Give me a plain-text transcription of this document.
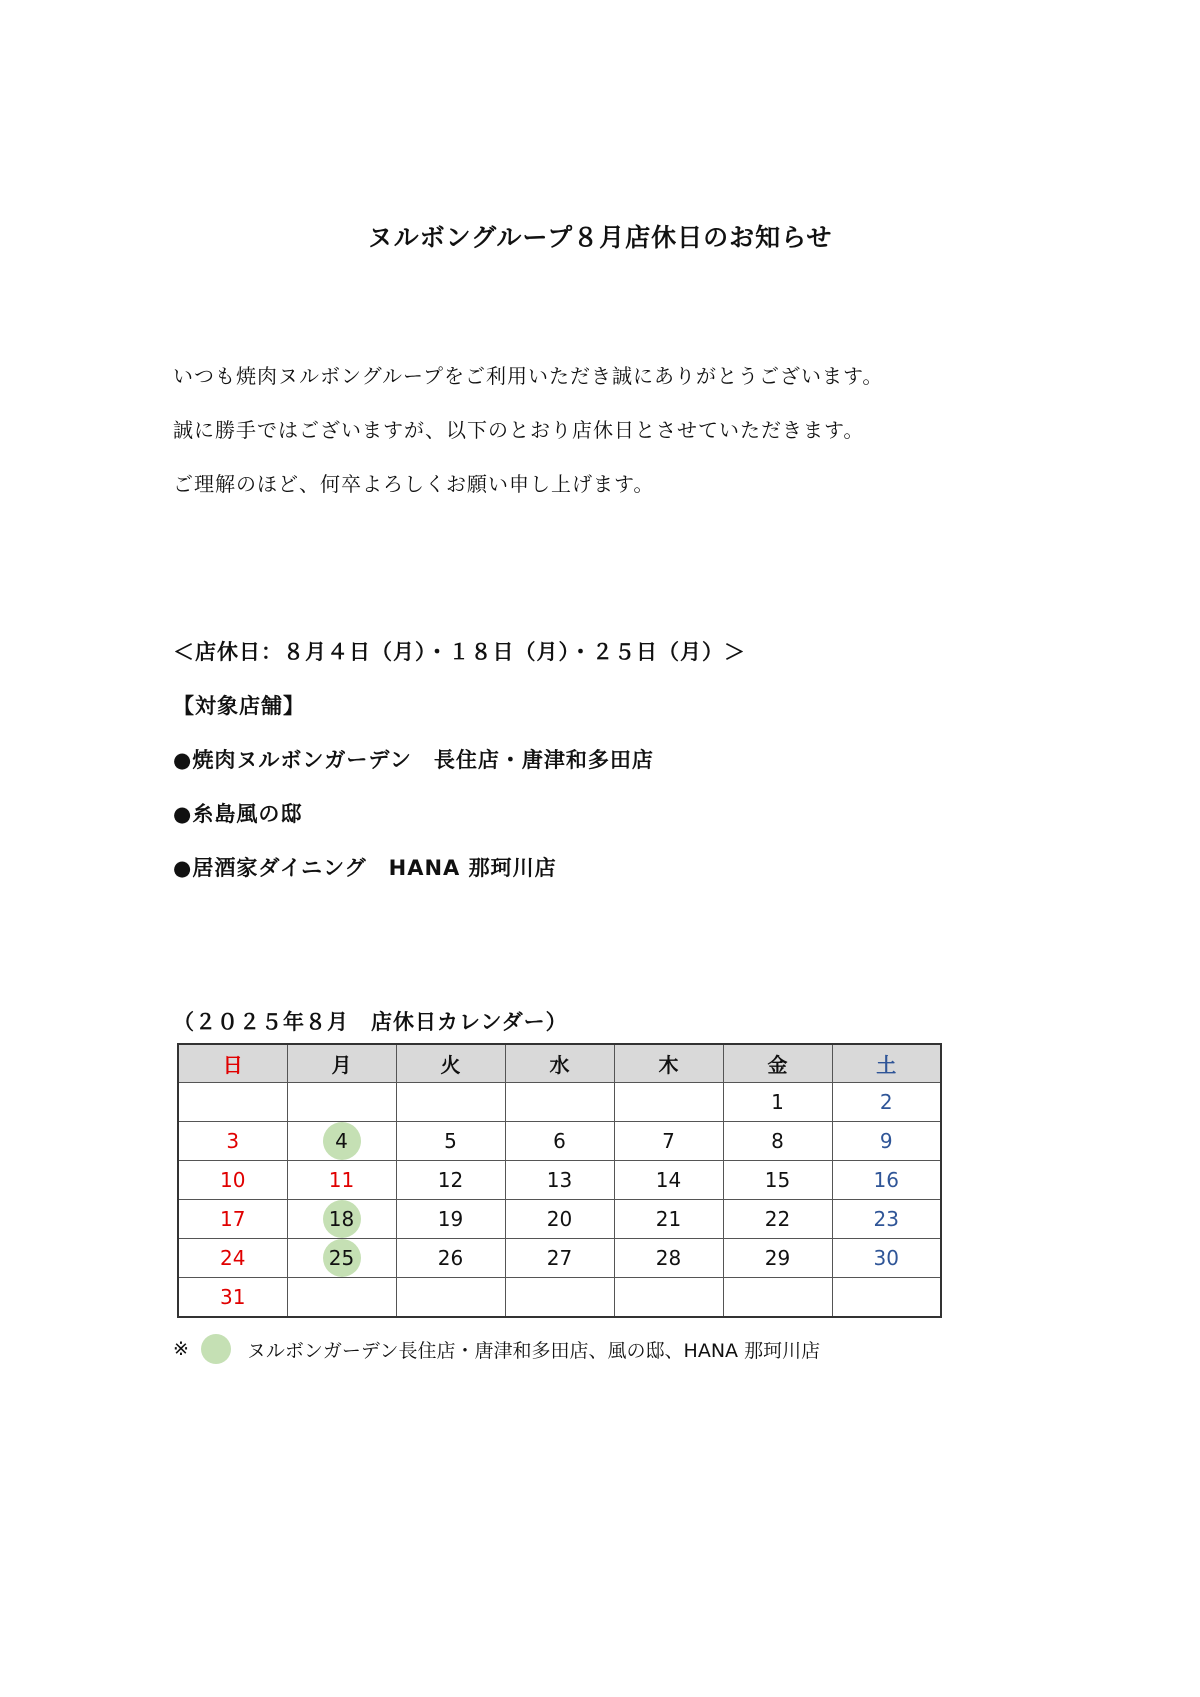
ヌルボングループ８月店休日のお知らせ
いつも焼肉ヌルボングループをご利用いただき誠にありがとうございます。
誠に勝手ではございますが、以下のとおり店休日とさせていただきます。
ご理解のほど、何卒よろしくお願い申し上げます。
＜店休日：８月４日（月）・１８日（月）・２５日（月）＞
【対象店舗】
●焼肉ヌルボンガーデン　長住店・唐津和多田店
●糸島風の邸
●居酒家ダイニング　HANA 那珂川店
（２０２５年８月　店休日カレンダー）
日	月	火	水	木	金	土
					1	2
3	4	5	6	7	8	9
10	11	12	13	14	15	16
17	18	19	20	21	22	23
24	25	26	27	28	29	30
31						
※	ヌルボンガーデン長住店・唐津和多田店、風の邸、HANA 那珂川店
